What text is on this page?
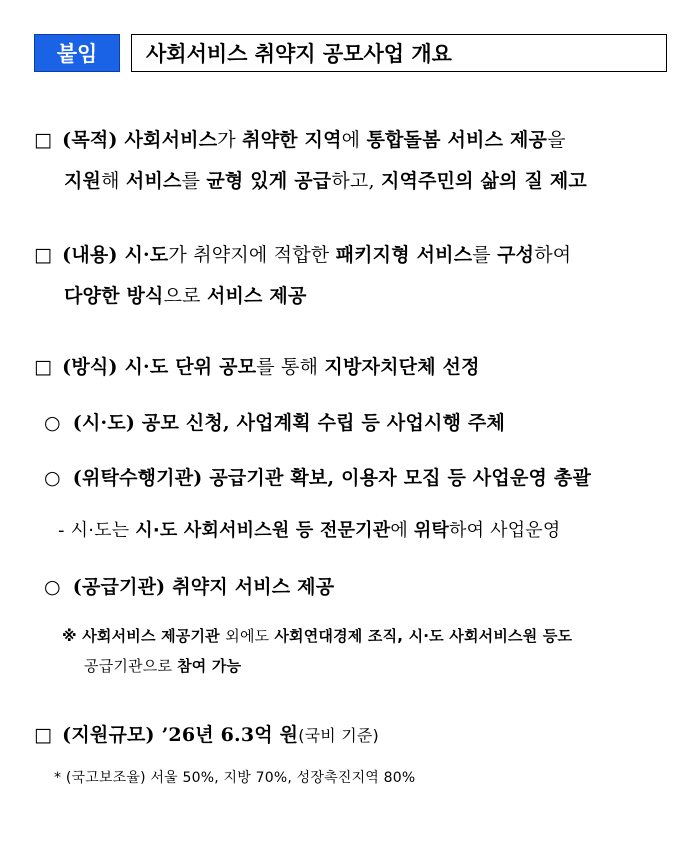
붙임	사회서비스 취약지 공모사업 개요
□ (목적) 사회서비스가 취약한 지역에 통합돌봄 서비스 제공을
지원해 서비스를 균형 있게 공급하고, 지역주민의 삶의 질 제고
□ (내용) 시·도가 취약지에 적합한 패키지형 서비스를 구성하여
다양한 방식으로 서비스 제공
□ (방식) 시·도 단위 공모를 통해 지방자치단체 선정
○ (시·도) 공모 신청, 사업계획 수립 등 사업시행 주체
○ (위탁수행기관) 공급기관 확보, 이용자 모집 등 사업운영 총괄
- 시·도는 시·도 사회서비스원 등 전문기관에 위탁하여 사업운영
○ (공급기관) 취약지 서비스 제공
※ 사회서비스 제공기관 외에도 사회연대경제 조직, 시·도 사회서비스원 등도
공급기관으로 참여 가능
□ (지원규모) ’26년 6.3억 원(국비 기준)
* (국고보조율) 서울 50%, 지방 70%, 성장촉진지역 80%
